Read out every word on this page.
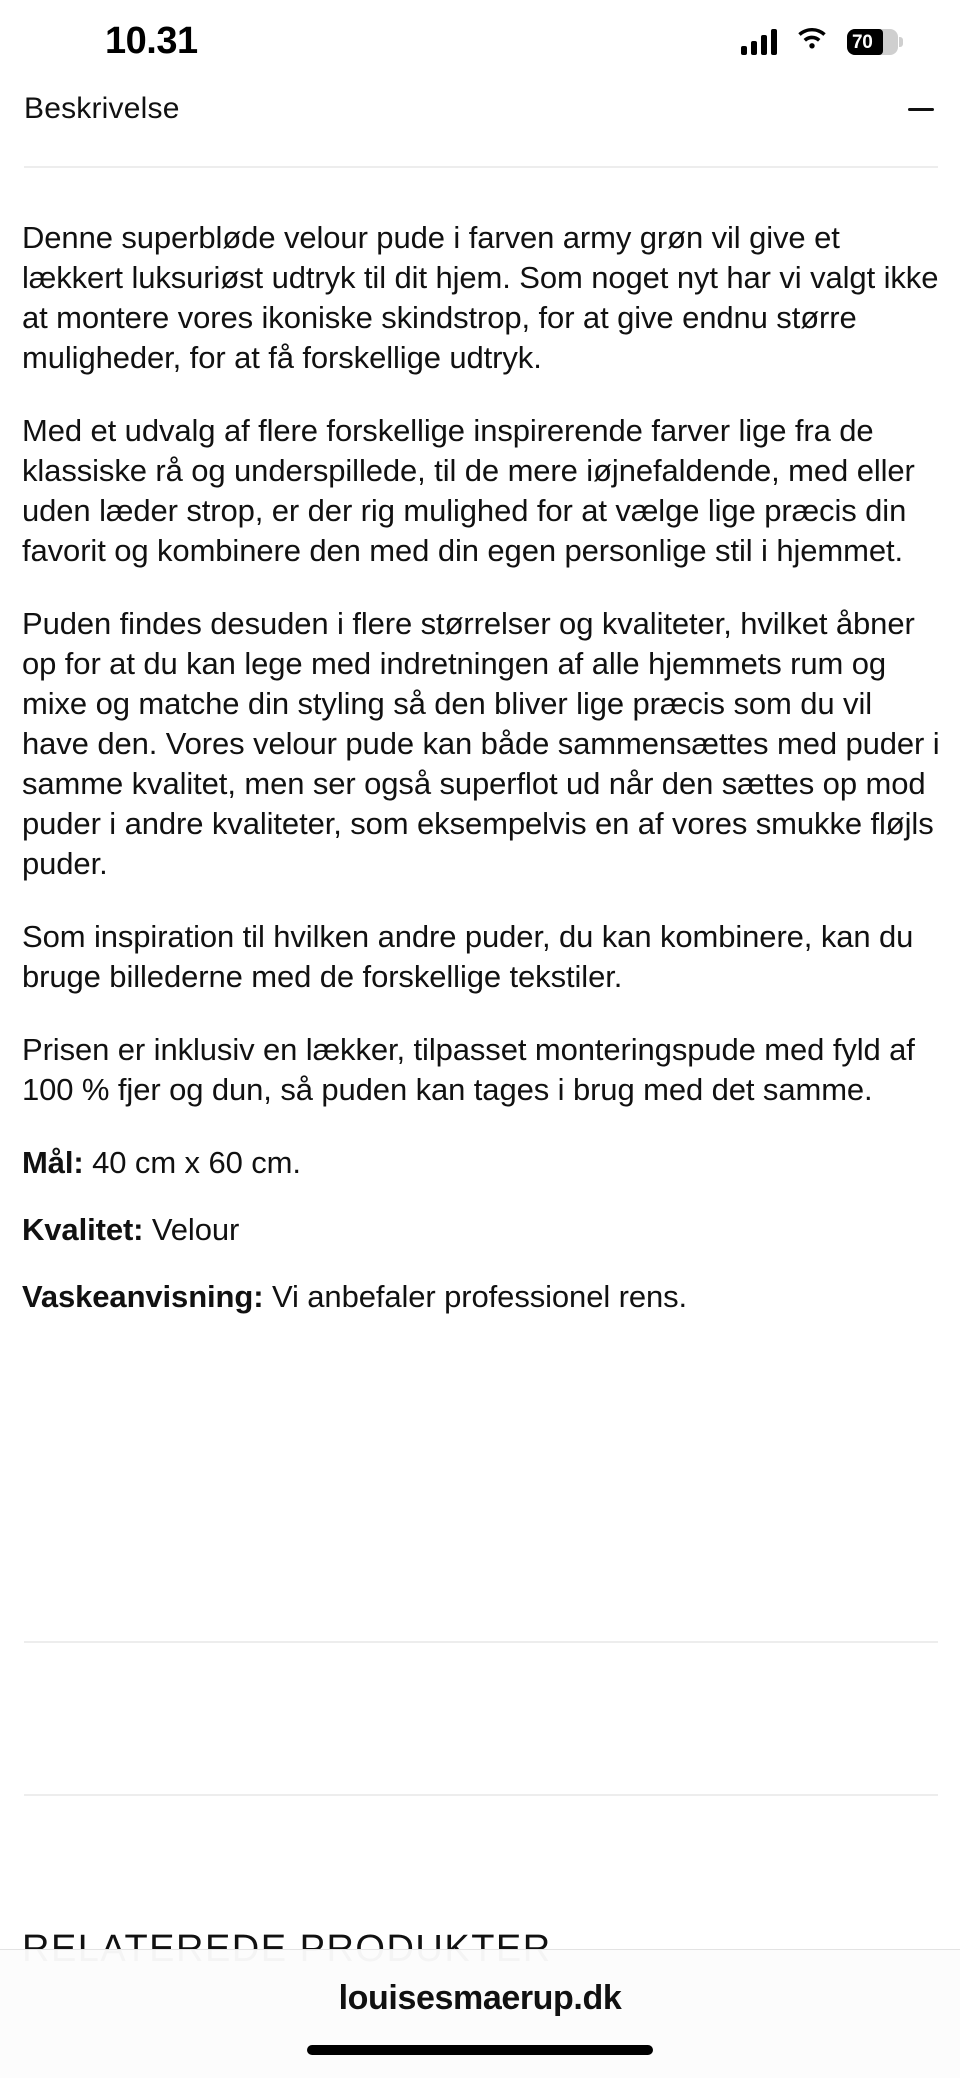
Beskrivelse

Denne superbløde velour pude i farven army grøn vil give et lækkert luksuriøst udtryk til dit hjem. Som noget nyt har vi valgt ikke at montere vores ikoniske skindstrop, for at give endnu større muligheder, for at få forskellige udtryk.

Med et udvalg af flere forskellige inspirerende farver lige fra de klassiske rå og underspillede, til de mere iøjnefaldende, med eller uden læder strop, er der rig mulighed for at vælge lige præcis din favorit og kombinere den med din egen personlige stil i hjemmet.

Puden findes desuden i flere størrelser og kvaliteter, hvilket åbner op for at du kan lege med indretningen af alle hjemmets rum og mixe og matche din styling så den bliver lige præcis som du vil have den. Vores velour pude kan både sammensættes med puder i samme kvalitet, men ser også superflot ud når den sættes op mod puder i andre kvaliteter, som eksempelvis en af vores smukke fløjls puder.

Som inspiration til hvilken andre puder, du kan kombinere, kan du bruge billederne med de forskellige tekstiler.

Prisen er inklusiv en lækker, tilpasset monteringspude med fyld af 100 % fjer og dun, så puden kan tages i brug med det samme.

Mål: 40 cm x 60 cm.

Kvalitet: Velour

Vaskeanvisning: Vi anbefaler professionel rens.

10.31	70
louisesmaerup.dk
